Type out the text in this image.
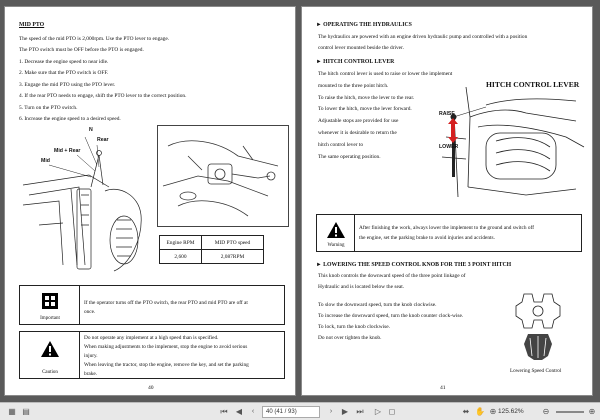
MID PTO
The speed of the mid PTO is 2,000rpm. Use the PTO lever to engage.
The PTO switch must be OFF before the PTO is engaged.
1. Decrease the engine speed to near idle.
2. Make sure that the PTO switch is OFF.
3. Engage the mid PTO using the PTO lever.
4. If the rear PTO needs to engage, shift the PTO lever to the correct position.
5. Turn on the PTO switch.
6. Increase the engine speed to a desired speed.
N
Rear
Mid + Rear
Mid
Engine RPM	MID PTO speed
2,600	2,087RPM
Important
If the operator turns off the PTO switch, the rear PTO and mid PTO are off at
once.
Caution
Do not operate any implement at a high speed than is specified.
When making adjustments to the implement, stop the engine to avoid serious
injury.
When leaving the tractor, stop the engine, remove the key, and set the parking
brake.
40
► OPERATING THE HYDRAULICS
The hydraulics are powered with an engine driven hydraulic pump and controlled with a position
control lever mounted beside the driver.
► HITCH CONTROL LEVER
The hitch control lever is used to raise or lower the implement
mounted to the three point hitch.
To raise the hitch, move the lever to the rear.
To lower the hitch, move the lever forward.
Adjustable stops are provided for use
whenever it is desirable to return the
hitch control lever to
The same operating position.
HITCH CONTROL LEVER
RAISE
LOWER
Warning
After finishing the work, always lower the implement to the ground and switch off
the engine, set the parking brake to avoid injuries and accidents.
► LOWERING THE SPEED CONTROL KNOB FOR THE 3 POINT HITCH
This knob controls the downward speed of the three point linkage of
Hydraulic and is located below the seat.
To slow the downward speed, turn the knob clockwise.
To increase the downward speed, turn the knob counter clock-wise.
To lock, turn the knob clockwise.
Do not over tighten the knob.
Lowering Speed Control
41
▦ ▤	⏮	◀	‹	40 (41 / 93)	›	▶	⏭	▷ ◻	⬌ ✋ ⊕ 125.62%	⊖	⊕
